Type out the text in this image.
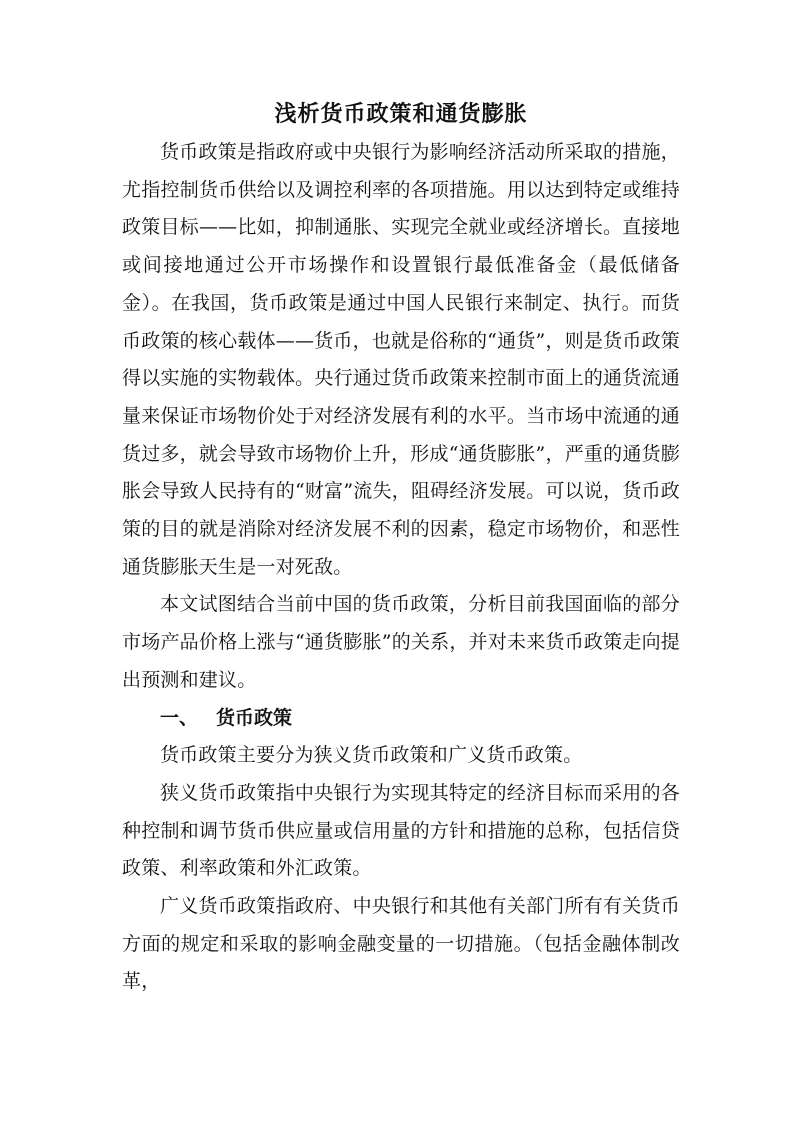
浅析货币政策和通货膨胀

货币政策是指政府或中央银行为影响经济活动所采取的措施，尤指控制货币供给以及调控利率的各项措施。用以达到特定或维持政策目标——比如，抑制通胀、实现完全就业或经济增长。直接地或间接地通过公开市场操作和设置银行最低准备金（最低储备金）。在我国，货币政策是通过中国人民银行来制定、执行。而货币政策的核心载体——货币，也就是俗称的“通货”，则是货币政策得以实施的实物载体。央行通过货币政策来控制市面上的通货流通量来保证市场物价处于对经济发展有利的水平。当市场中流通的通货过多，就会导致市场物价上升，形成“通货膨胀”，严重的通货膨胀会导致人民持有的“财富”流失，阻碍经济发展。可以说，货币政策的目的就是消除对经济发展不利的因素，稳定市场物价，和恶性通货膨胀天生是一对死敌。

本文试图结合当前中国的货币政策，分析目前我国面临的部分市场产品价格上涨与“通货膨胀”的关系，并对未来货币政策走向提出预测和建议。

一、 货币政策

货币政策主要分为狭义货币政策和广义货币政策。

狭义货币政策指中央银行为实现其特定的经济目标而采用的各种控制和调节货币供应量或信用量的方针和措施的总称，包括信贷政策、利率政策和外汇政策。

广义货币政策指政府、中央银行和其他有关部门所有有关货币方面的规定和采取的影响金融变量的一切措施。（包括金融体制改革，
